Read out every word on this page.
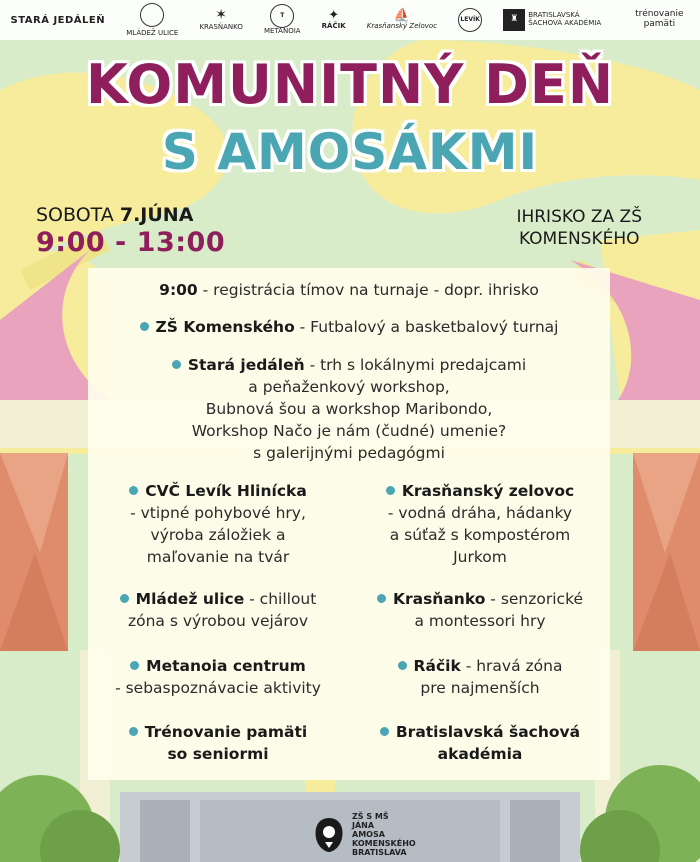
STARÁ JEDÁLEŇ
MLÁDEŽ ULICE
✶
KRASŇANKO
T
METANOIA
✦
RÁČIK
⛵
Krasňanský Zelovoc
LEVÍK	♜	BRATISLAVSKÁ ŠACHOVÁ AKADÉMIA
trénovanie pamäti
KOMUNITNÝ DEŇ
S AMOSÁKMI
SOBOTA 7.JÚNA
9:00 - 13:00
IHRISKO ZA ZŠ
KOMENSKÉHO
9:00 - registrácia tímov na turnaje - dopr. ihrisko
ZŠ Komenského - Futbalový a basketbalový turnaj
Stará jedáleň - trh s lokálnymi predajcami
a peňaženkový workshop,
Bubnová šou a workshop Maribondo,
Workshop Načo je nám (čudné) umenie?
s galerijnými pedagógmi
CVČ Levík Hlinícka
- vtipné pohybové hry,
výroba záložiek a
maľovanie na tvár
Krasňanský zelovoc
- vodná dráha, hádanky
a súťaž s kompostérom
Jurkom
Mládež ulice - chillout
zóna s výrobou vejárov
Krasňanko - senzorické
a montessori hry
Metanoia centrum
- sebaspoznávacie aktivity
Ráčik - hravá zóna
pre najmenších
Trénovanie pamäti
so seniormi
Bratislavská šachová
akadémia
ZŠ S MŠ
JÁNA
AMOSA
KOMENSKÉHO
BRATISLAVA
